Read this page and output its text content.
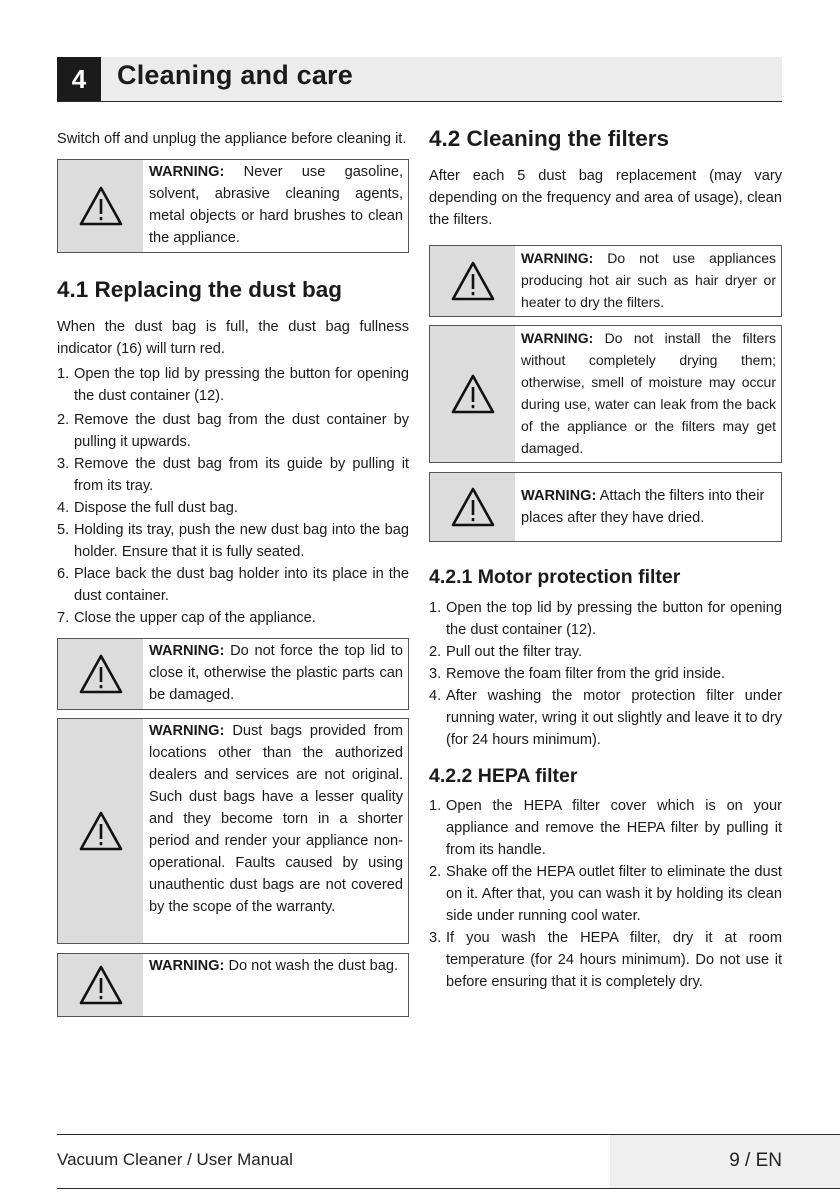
4	Cleaning and care

Switch off and unplug the appliance before cleaning it.

WARNING: Never use gasoline, solvent, abrasive cleaning agents, metal objects or hard brushes to clean the appliance.
4.1 Replacing the dust bag

When the dust bag is full, the dust bag fullness indicator (16) will turn red.

1. Open the top lid by pressing the button for opening the dust container (12).
2. Remove the dust bag from the dust container by pulling it upwards.
3. Remove the dust bag from its guide by pulling it from its tray.
4. Dispose the full dust bag.
5. Holding its tray, push the new dust bag into the bag holder. Ensure that it is fully seated.
6. Place back the dust bag holder into its place in the dust container.
7. Close the upper cap of the appliance.
WARNING: Do not force the top lid to close it, otherwise the plastic parts can be damaged.
WARNING: Dust bags provided from locations other than the authorized dealers and services are not original. Such dust bags have a lesser quality and they become torn in a shorter period and render your appliance non-operational. Faults caused by using unauthentic dust bags are not covered by the scope of the warranty.
WARNING: Do not wash the dust bag.
4.2 Cleaning the filters

After each 5 dust bag replacement (may vary depending on the frequency and area of usage), clean the filters.

WARNING: Do not use appliances producing hot air such as hair dryer or heater to dry the filters.
WARNING: Do not install the filters without completely drying them; otherwise, smell of moisture may occur during use, water can leak from the back of the appliance or the filters may get damaged.
WARNING: Attach the filters into their places after they have dried.
4.2.1 Motor protection filter
1. Open the top lid by pressing the button for opening the dust container (12).
2. Pull out the filter tray.
3. Remove the foam filter from the grid inside.
4. After washing the motor protection filter under running water, wring it out slightly and leave it to dry (for 24 hours minimum).
4.2.2 HEPA filter
1. Open the HEPA filter cover which is on your appliance and remove the HEPA filter by pulling it from its handle.
2. Shake off the HEPA outlet filter to eliminate the dust on it. After that, you can wash it by holding its clean side under running cool water.
3. If you wash the HEPA filter, dry it at room temperature (for 24 hours minimum). Do not use it before ensuring that it is completely dry.
Vacuum Cleaner / User Manual	9 / EN
